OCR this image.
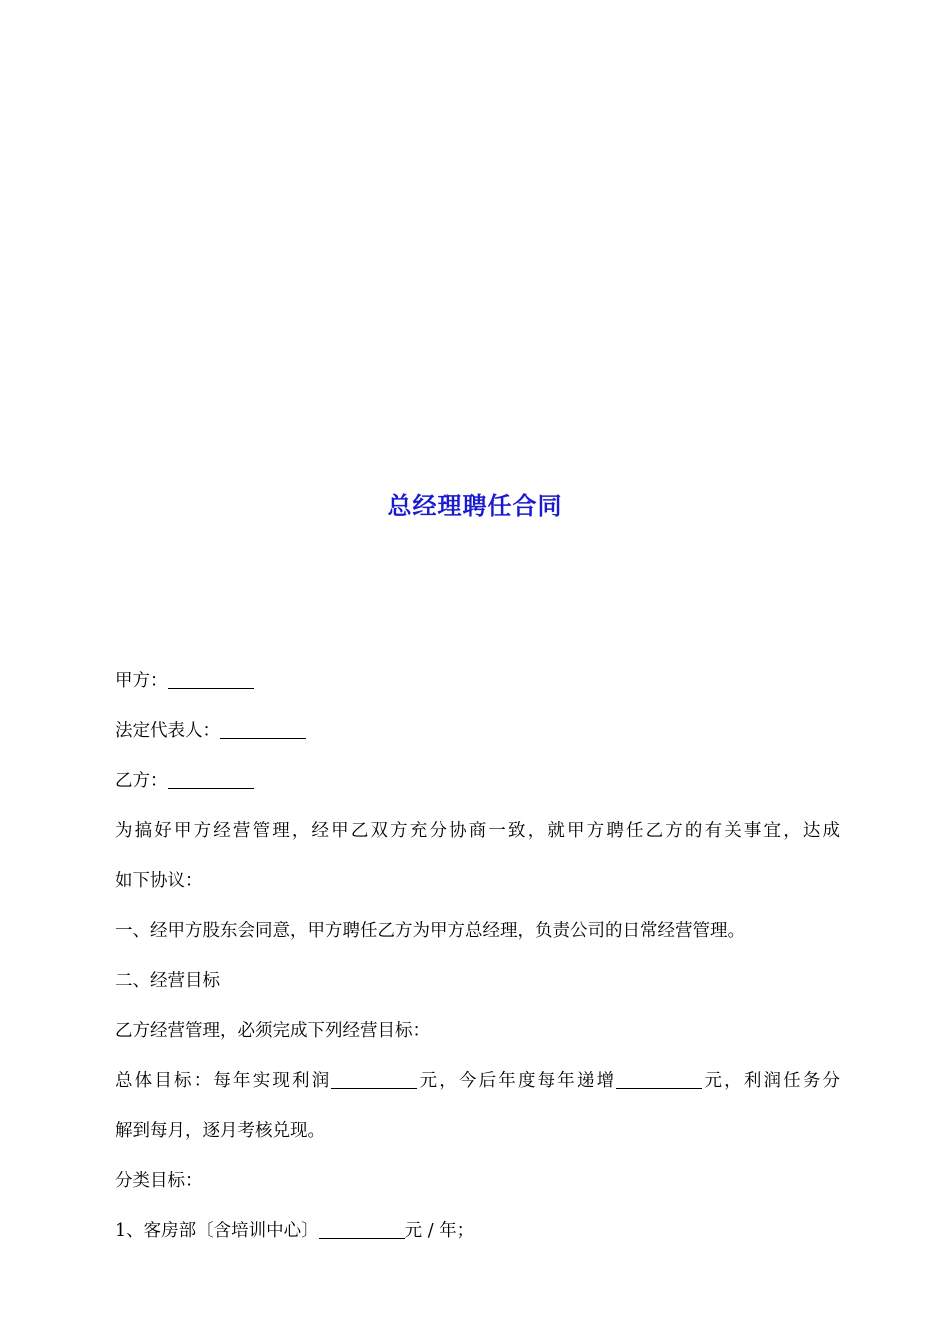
总经理聘任合同
甲方：
法定代表人：
乙方：
为搞好甲方经营管理，经甲乙双方充分协商一致，就甲方聘任乙方的有关事宜，达成
如下协议：
一、经甲方股东会同意，甲方聘任乙方为甲方总经理，负责公司的日常经营管理。
二、经营目标
乙方经营管理，必须完成下列经营目标：
总体目标：每年实现利润	元，今后年度每年递增	元，利润任务分
解到每月，逐月考核兑现。
分类目标：
1、客房部〔含培训中心〕	元 / 年；
